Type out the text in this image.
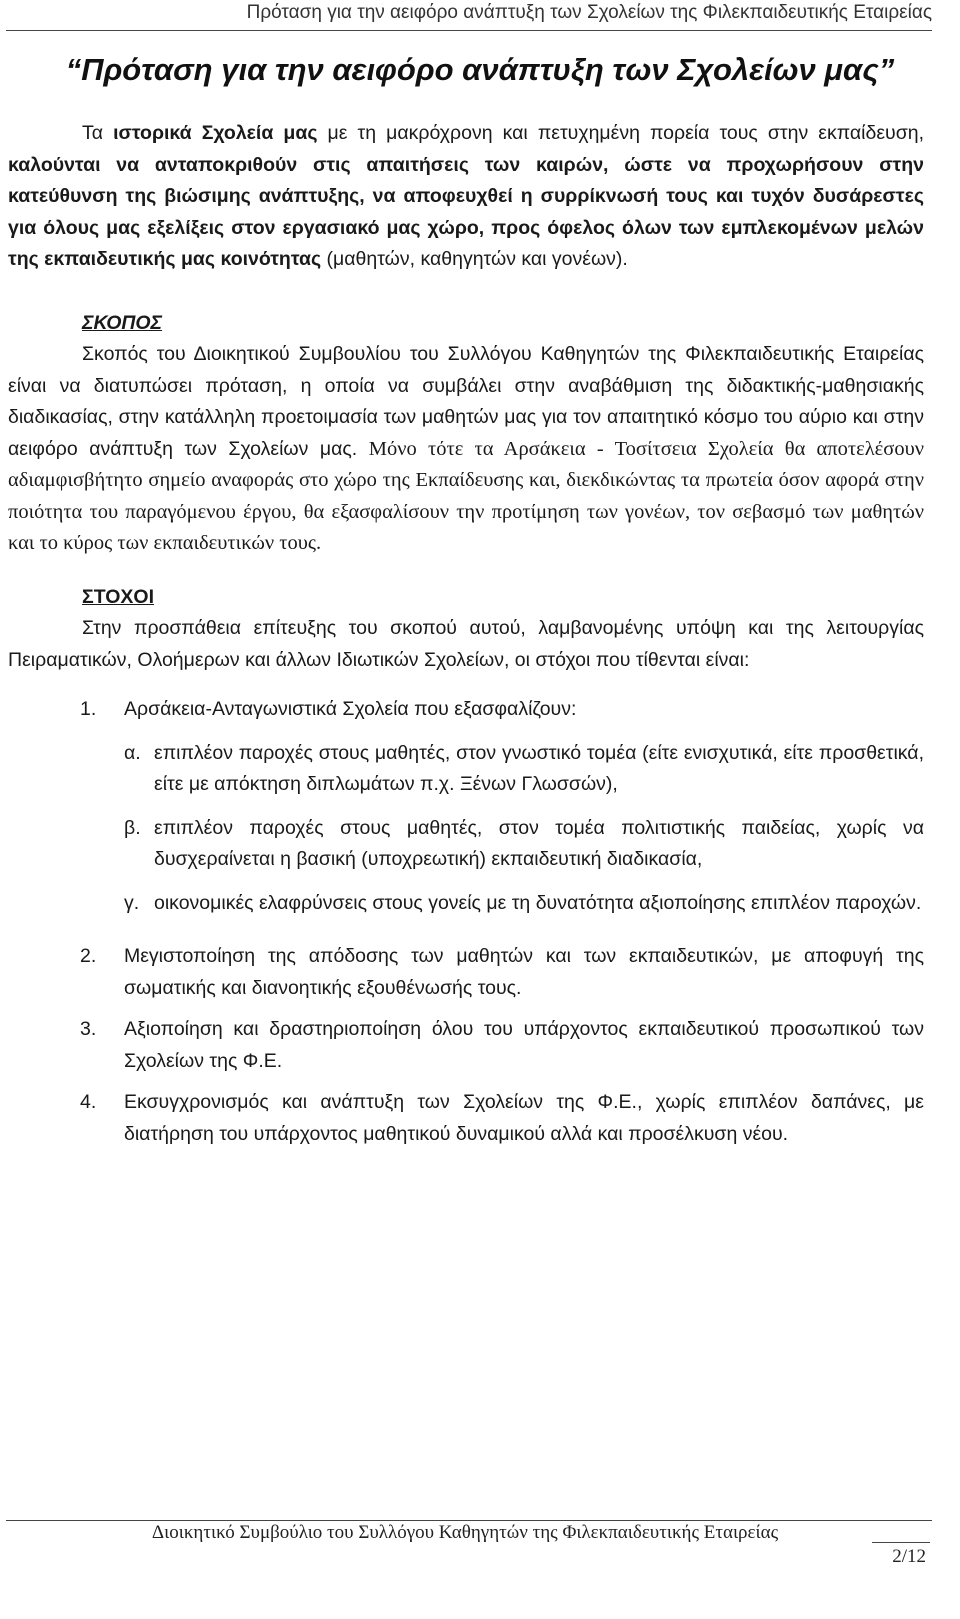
Πρόταση για την αειφόρο ανάπτυξη των Σχολείων της Φιλεκπαιδευτικής Εταιρείας
“Πρόταση για την αειφόρο ανάπτυξη των Σχολείων μας”

Τα ιστορικά Σχολεία μας με τη μακρόχρονη και πετυχημένη πορεία τους στην εκπαίδευση, καλούνται να ανταποκριθούν στις απαιτήσεις των καιρών, ώστε να προχωρήσουν στην κατεύθυνση της βιώσιμης ανάπτυξης, να αποφευχθεί η συρρίκνωσή τους και τυχόν δυσάρεστες για όλους μας εξελίξεις στον εργασιακό μας χώρο, προς όφελος όλων των εμπλεκομένων μελών της εκπαιδευτικής μας κοινότητας (μαθητών, καθηγητών και γονέων).

ΣΚΟΠΟΣ

Σκοπός του Διοικητικού Συμβουλίου του Συλλόγου Καθηγητών της Φιλεκπαιδευτικής Εταιρείας είναι να διατυπώσει πρόταση, η οποία να συμβάλει στην αναβάθμιση της διδακτικής-μαθησιακής διαδικασίας, στην κατάλληλη προετοιμασία των μαθητών μας για τον απαιτητικό κόσμο του αύριο και στην αειφόρο ανάπτυξη των Σχολείων μας. Μόνο τότε τα Αρσάκεια - Τοσίτσεια Σχολεία θα αποτελέσουν αδιαμφισβήτητο σημείο αναφοράς στο χώρο της Εκπαίδευσης και, διεκδικώντας τα πρωτεία όσον αφορά στην ποιότητα του παραγόμενου έργου, θα εξασφαλίσουν την προτίμηση των γονέων, τον σεβασμό των μαθητών και το κύρος των εκπαιδευτικών τους.

ΣΤΟΧΟΙ

Στην προσπάθεια επίτευξης του σκοπού αυτού, λαμβανομένης υπόψη και της λειτουργίας Πειραματικών, Ολοήμερων και άλλων Ιδιωτικών Σχολείων, οι στόχοι που τίθενται είναι:

1.	Αρσάκεια-Ανταγωνιστικά Σχολεία που εξασφαλίζουν:
α. επιπλέον παροχές στους μαθητές, στον γνωστικό τομέα (είτε ενισχυτικά, είτε προσθετικά, είτε με απόκτηση διπλωμάτων π.χ. Ξένων Γλωσσών),
β. επιπλέον παροχές στους μαθητές, στον τομέα πολιτιστικής παιδείας, χωρίς να δυσχεραίνεται η βασική (υποχρεωτική) εκπαιδευτική διαδικασία,
γ. οικονομικές ελαφρύνσεις στους γονείς με τη δυνατότητα αξιοποίησης επιπλέον παροχών.
2.	Μεγιστοποίηση της απόδοσης των μαθητών και των εκπαιδευτικών, με αποφυγή της σωματικής και διανοητικής εξουθένωσής τους.
3.	Αξιοποίηση και δραστηριοποίηση όλου του υπάρχοντος εκπαιδευτικού προσωπικού των Σχολείων της Φ.Ε.
4.	Εκσυγχρονισμός και ανάπτυξη των Σχολείων της Φ.Ε., χωρίς επιπλέον δαπάνες, με διατήρηση του υπάρχοντος μαθητικού δυναμικού αλλά και προσέλκυση νέου.
Διοικητικό Συμβούλιο του Συλλόγου Καθηγητών της Φιλεκπαιδευτικής Εταιρείας
2/12
